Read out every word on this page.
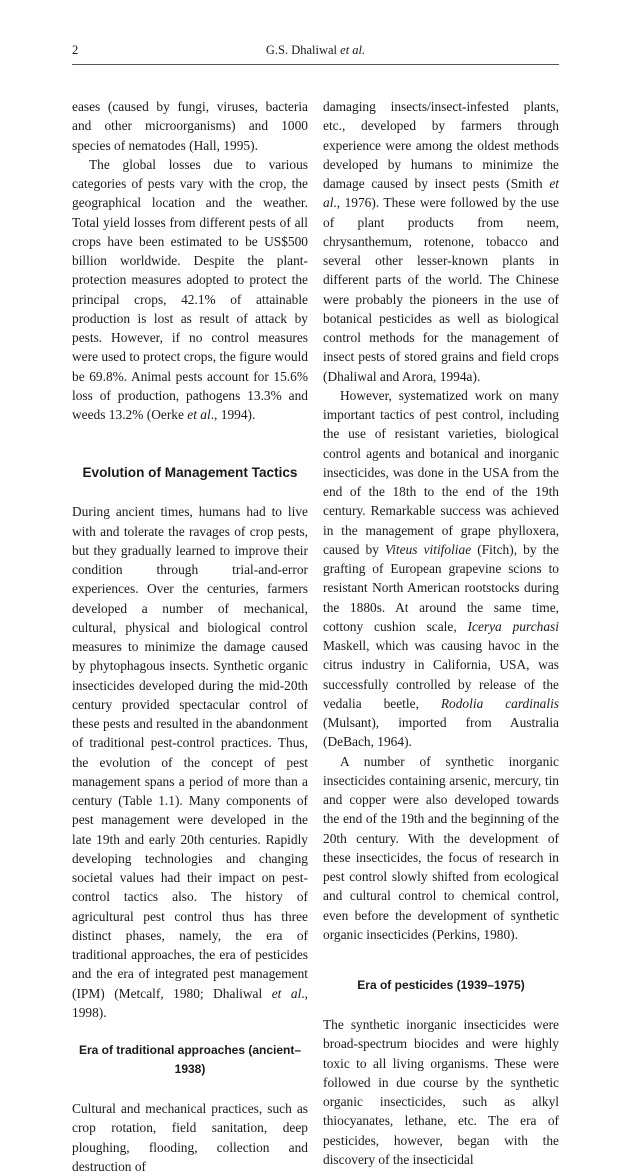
2	G.S. Dhaliwal et al.

eases (caused by fungi, viruses, bacteria and other microorganisms) and 1000 species of nematodes (Hall, 1995).

The global losses due to various categories of pests vary with the crop, the geographical location and the weather. Total yield losses from different pests of all crops have been estimated to be US$500 billion worldwide. Despite the plant-protection measures adopted to protect the principal crops, 42.1% of attainable production is lost as result of attack by pests. However, if no control measures were used to protect crops, the figure would be 69.8%. Animal pests account for 15.6% loss of production, pathogens 13.3% and weeds 13.2% (Oerke et al., 1994).

Evolution of Management Tactics

During ancient times, humans had to live with and tolerate the ravages of crop pests, but they gradually learned to improve their condition through trial-and-error experiences. Over the centuries, farmers developed a number of mechanical, cultural, physical and biological control measures to minimize the damage caused by phytophagous insects. Synthetic organic insecticides developed during the mid-20th century provided spectacular control of these pests and resulted in the abandonment of traditional pest-control practices. Thus, the evolution of the concept of pest management spans a period of more than a century (Table 1.1). Many components of pest management were developed in the late 19th and early 20th centuries. Rapidly developing technologies and changing societal values had their impact on pest-control tactics also. The history of agricultural pest control thus has three distinct phases, namely, the era of traditional approaches, the era of pesticides and the era of integrated pest management (IPM) (Metcalf, 1980; Dhaliwal et al., 1998).

Era of traditional approaches (ancient–1938)

Cultural and mechanical practices, such as crop rotation, field sanitation, deep ploughing, flooding, collection and destruction of

damaging insects/insect-infested plants, etc., developed by farmers through experience were among the oldest methods developed by humans to minimize the damage caused by insect pests (Smith et al., 1976). These were followed by the use of plant products from neem, chrysanthemum, rotenone, tobacco and several other lesser-known plants in different parts of the world. The Chinese were probably the pioneers in the use of botanical pesticides as well as biological control methods for the management of insect pests of stored grains and field crops (Dhaliwal and Arora, 1994a).

However, systematized work on many important tactics of pest control, including the use of resistant varieties, biological control agents and botanical and inorganic insecticides, was done in the USA from the end of the 18th to the end of the 19th century. Remarkable success was achieved in the management of grape phylloxera, caused by Viteus vitifoliae (Fitch), by the grafting of European grapevine scions to resistant North American rootstocks during the 1880s. At around the same time, cottony cushion scale, Icerya purchasi Maskell, which was causing havoc in the citrus industry in California, USA, was successfully controlled by release of the vedalia beetle, Rodolia cardinalis (Mulsant), imported from Australia (DeBach, 1964).

A number of synthetic inorganic insecticides containing arsenic, mercury, tin and copper were also developed towards the end of the 19th and the beginning of the 20th century. With the development of these insecticides, the focus of research in pest control slowly shifted from ecological and cultural control to chemical control, even before the development of synthetic organic insecticides (Perkins, 1980).

Era of pesticides (1939–1975)

The synthetic inorganic insecticides were broad-spectrum biocides and were highly toxic to all living organisms. These were followed in due course by the synthetic organic insecticides, such as alkyl thiocyanates, lethane, etc. The era of pesticides, however, began with the discovery of the insecticidal
